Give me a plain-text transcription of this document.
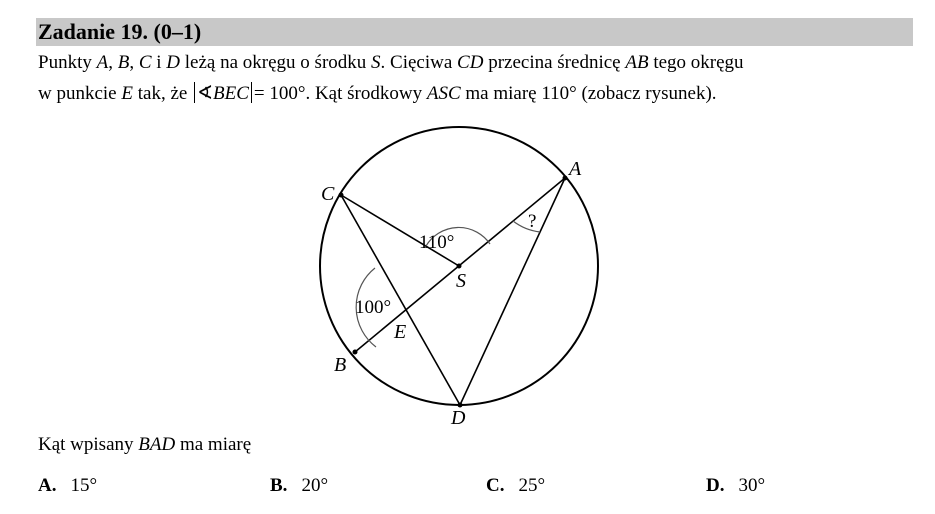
Zadanie 19. (0–1)
Punkty A, B, C i D leżą na okręgu o środku S. Cięciwa CD przecina średnicę AB tego okręgu
w punkcie E tak, że ∢BEC = 100°. Kąt środkowy ASC ma miarę 110° (zobacz rysunek).
A
C
B
D
S
E
110°
100°
?
Kąt wpisany BAD ma miarę
A. 15°	B. 20°	C. 25°	D. 30°
